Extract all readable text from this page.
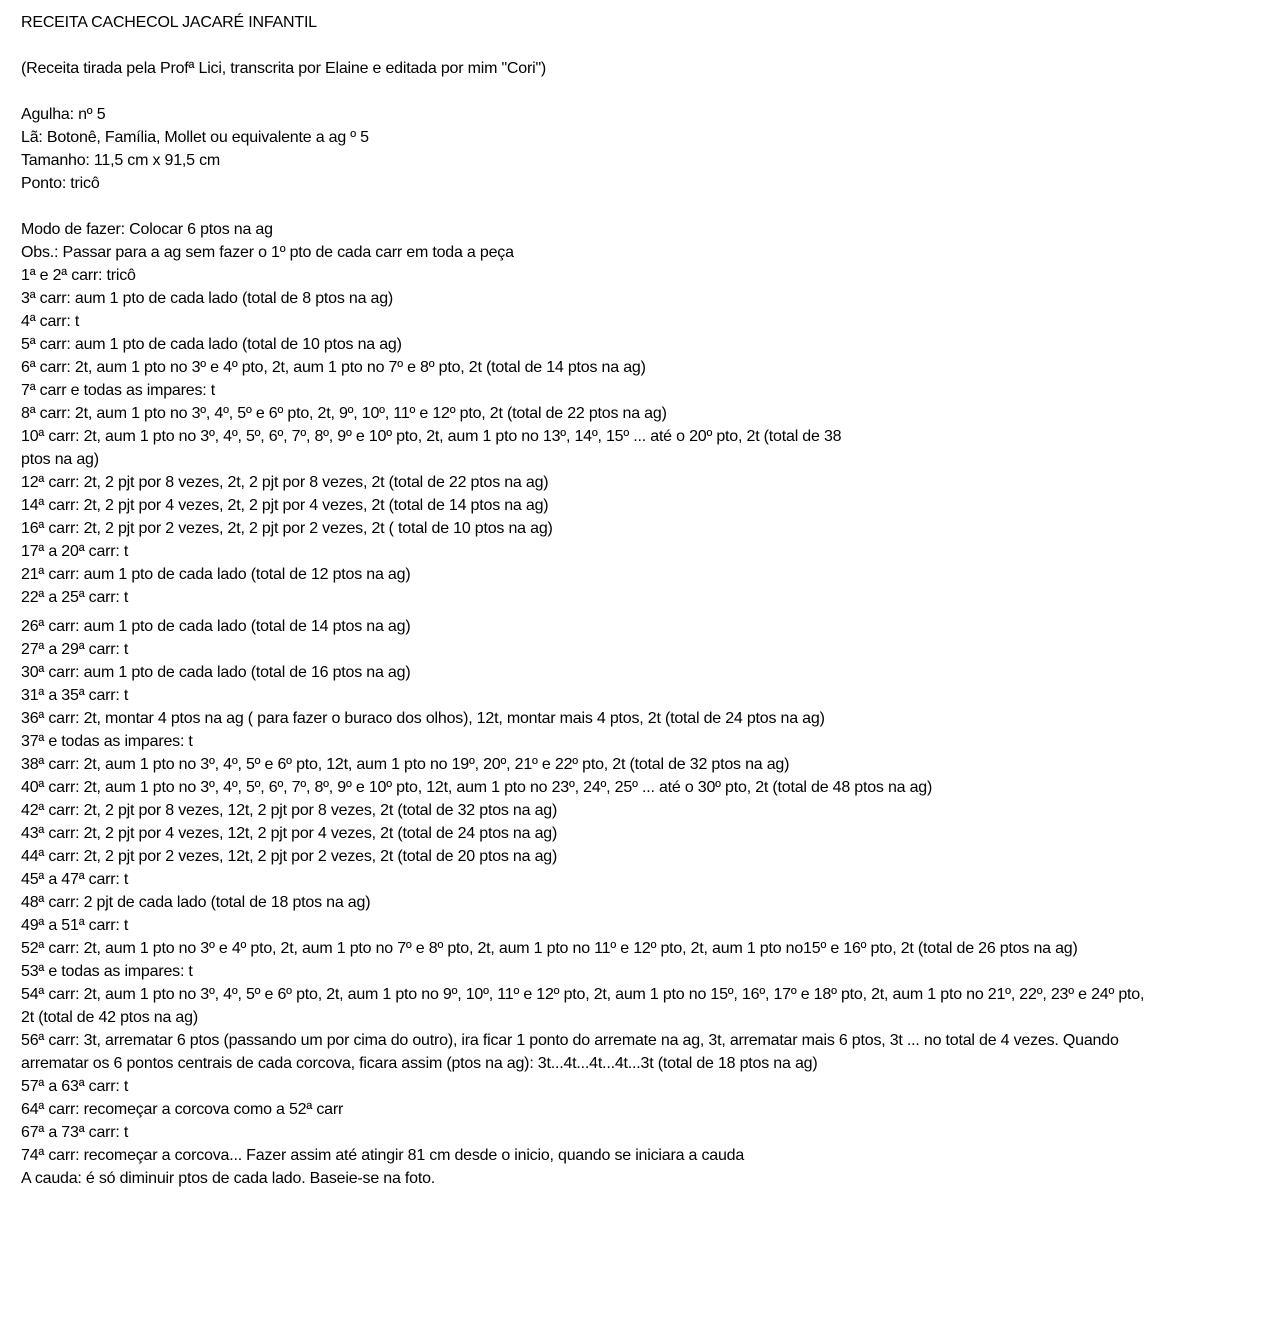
RECEITA CACHECOL JACARÉ INFANTIL
(Receita tirada pela Profª Lici, transcrita por Elaine e editada por mim "Cori")
Agulha: nº 5
Lã: Botonê, Família, Mollet ou equivalente a ag º 5
Tamanho: 11,5 cm x 91,5 cm
Ponto: tricô
Modo de fazer: Colocar 6 ptos na ag
Obs.: Passar para a ag sem fazer o 1º pto de cada carr em toda a peça
1ª e 2ª carr: tricô
3ª carr: aum 1 pto de cada lado (total de 8 ptos na ag)
4ª carr: t
5ª carr: aum 1 pto de cada lado (total de 10 ptos na ag)
6ª carr: 2t, aum 1 pto no 3º e 4º pto, 2t, aum 1 pto no 7º e 8º pto, 2t (total de 14 ptos na ag)
7ª carr e todas as impares: t
8ª carr: 2t, aum 1 pto no 3º, 4º, 5º e 6º pto, 2t, 9º, 10º, 11º e 12º pto, 2t (total de 22 ptos na ag)
10ª carr: 2t, aum 1 pto no 3º, 4º, 5º, 6º, 7º, 8º, 9º e 10º pto, 2t, aum 1 pto no 13º, 14º, 15º ... até o 20º pto, 2t (total de 38
ptos na ag)
12ª carr: 2t, 2 pjt por 8 vezes, 2t, 2 pjt por 8 vezes, 2t (total de 22 ptos na ag)
14ª carr: 2t, 2 pjt por 4 vezes, 2t, 2 pjt por 4 vezes, 2t (total de 14 ptos na ag)
16ª carr: 2t, 2 pjt por 2 vezes, 2t, 2 pjt por 2 vezes, 2t ( total de 10 ptos na ag)
17ª a 20ª carr: t
21ª carr: aum 1 pto de cada lado (total de 12 ptos na ag)
22ª a 25ª carr: t
26ª carr: aum 1 pto de cada lado (total de 14 ptos na ag)
27ª a 29ª carr: t
30ª carr: aum 1 pto de cada lado (total de 16 ptos na ag)
31ª a 35ª carr: t
36ª carr: 2t, montar 4 ptos na ag ( para fazer o buraco dos olhos), 12t, montar mais 4 ptos, 2t (total de 24 ptos na ag)
37ª e todas as impares: t
38ª carr: 2t, aum 1 pto no 3º, 4º, 5º e 6º pto, 12t, aum 1 pto no 19º, 20º, 21º e 22º pto, 2t (total de 32 ptos na ag)
40ª carr: 2t, aum 1 pto no 3º, 4º, 5º, 6º, 7º, 8º, 9º e 10º pto, 12t, aum 1 pto no 23º, 24º, 25º ... até o 30º pto, 2t (total de 48 ptos na ag)
42ª carr: 2t, 2 pjt por 8 vezes, 12t, 2 pjt por 8 vezes, 2t (total de 32 ptos na ag)
43ª carr: 2t, 2 pjt por 4 vezes, 12t, 2 pjt por 4 vezes, 2t (total de 24 ptos na ag)
44ª carr: 2t, 2 pjt por 2 vezes, 12t, 2 pjt por 2 vezes, 2t (total de 20 ptos na ag)
45ª a 47ª carr: t
48ª carr: 2 pjt de cada lado (total de 18 ptos na ag)
49ª a 51ª carr: t
52ª carr: 2t, aum 1 pto no 3º e 4º pto, 2t, aum 1 pto no 7º e 8º pto, 2t, aum 1 pto no 11º e 12º pto, 2t, aum 1 pto no15º e 16º pto, 2t (total de 26 ptos na ag)
53ª e todas as impares: t
54ª carr: 2t, aum 1 pto no 3º, 4º, 5º e 6º pto, 2t, aum 1 pto no 9º, 10º, 11º e 12º pto, 2t, aum 1 pto no 15º, 16º, 17º e 18º pto, 2t, aum 1 pto no 21º, 22º, 23º e 24º pto,
2t (total de 42 ptos na ag)
56ª carr: 3t, arrematar 6 ptos (passando um por cima do outro), ira ficar 1 ponto do arremate na ag, 3t, arrematar mais 6 ptos, 3t ... no total de 4 vezes. Quando
arrematar os 6 pontos centrais de cada corcova, ficara assim (ptos na ag): 3t...4t...4t...4t...3t (total de 18 ptos na ag)
57ª a 63ª carr: t
64ª carr: recomeçar a corcova como a 52ª carr
67ª a 73ª carr: t
74ª carr: recomeçar a corcova... Fazer assim até atingir 81 cm desde o inicio, quando se iniciara a cauda
A cauda: é só diminuir ptos de cada lado. Baseie-se na foto.
